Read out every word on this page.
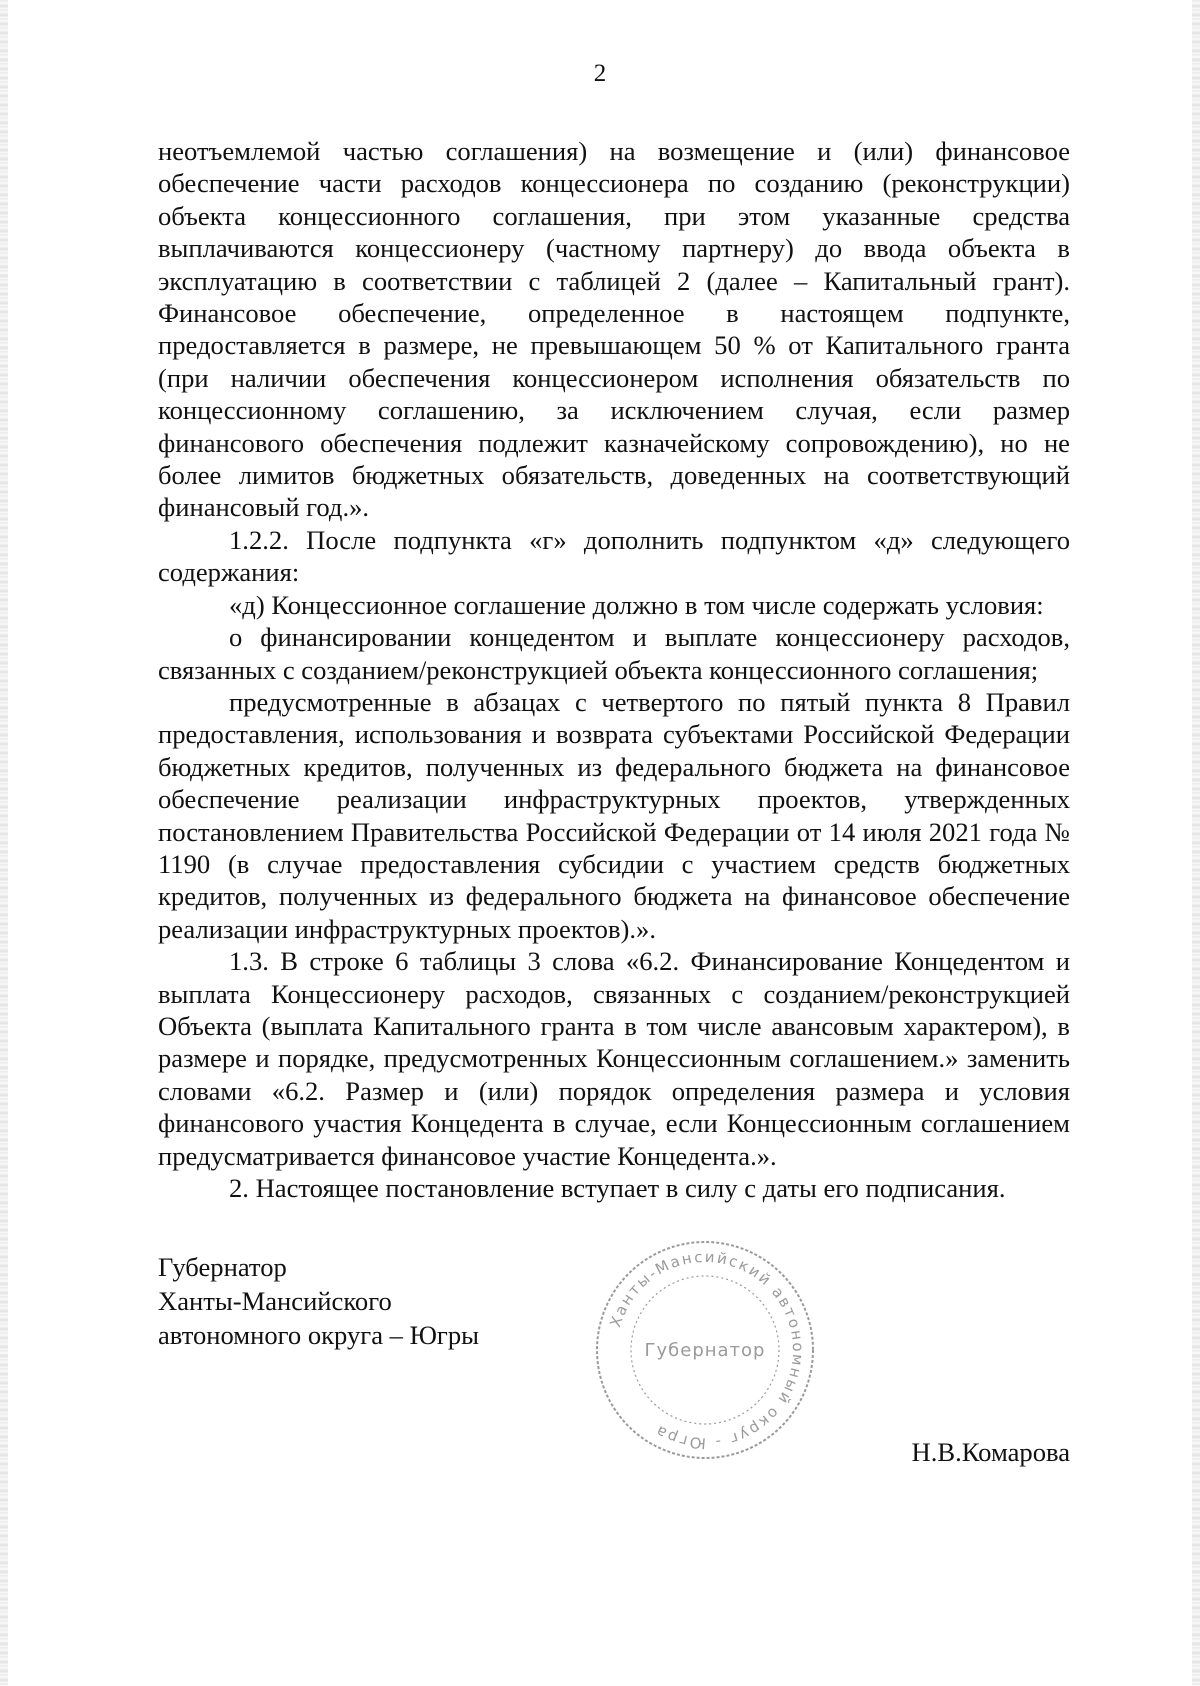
2

неотъемлемой частью соглашения) на возмещение и (или) финансовое обеспечение части расходов концессионера по созданию (реконструкции) объекта концессионного соглашения, при этом указанные средства выплачиваются концессионеру (частному партнеру) до ввода объекта в эксплуатацию в соответствии с таблицей 2 (далее – Капитальный грант). Финансовое обеспечение, определенное в настоящем подпункте, предоставляется в размере, не превышающем 50 % от Капитального гранта (при наличии обеспечения концессионером исполнения обязательств по концессионному соглашению, за исключением случая, если размер финансового обеспечения подлежит казначейскому сопровождению), но не более лимитов бюджетных обязательств, доведенных на соответствующий финансовый год.».

1.2.2. После подпункта «г» дополнить подпунктом «д» следующего содержания:

«д) Концессионное соглашение должно в том числе содержать условия:

о финансировании концедентом и выплате концессионеру расходов, связанных с созданием/реконструкцией объекта концессионного соглашения;

предусмотренные в абзацах с четвертого по пятый пункта 8 Правил предоставления, использования и возврата субъектами Российской Федерации бюджетных кредитов, полученных из федерального бюджета на финансовое обеспечение реализации инфраструктурных проектов, утвержденных постановлением Правительства Российской Федерации от 14 июля 2021 года № 1190 (в случае предоставления субсидии с участием средств бюджетных кредитов, полученных из федерального бюджета на финансовое обеспечение реализации инфраструктурных проектов).».

1.3. В строке 6 таблицы 3 слова «6.2. Финансирование Концедентом и выплата Концессионеру расходов, связанных с созданием/реконструкцией Объекта (выплата Капитального гранта в том числе авансовым характером), в размере и порядке, предусмотренных Концессионным соглашением.» заменить словами «6.2. Размер и (или) порядок определения размера и условия финансового участия Концедента в случае, если Концессионным соглашением предусматривается финансовое участие Концедента.».

2. Настоящее постановление вступает в силу с даты его подписания.

Губернатор
Ханты-Мансийского
автономного округа – Югры	Ханты-Мансийский автономный округ - Югра
Губернатор
Н.В.Комарова
